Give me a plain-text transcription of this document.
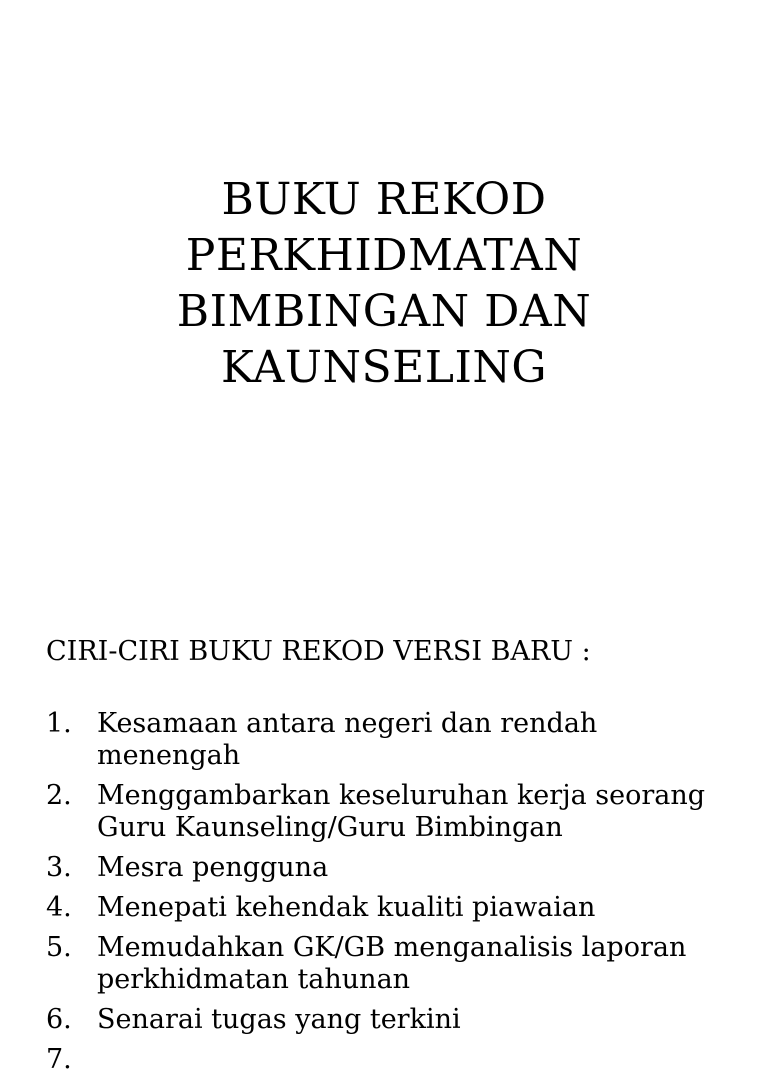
BUKU REKOD
PERKHIDMATAN
BIMBINGAN DAN
KAUNSELING
CIRI-CIRI BUKU REKOD VERSI BARU :
1. Kesamaan antara negeri dan rendah menengah
2. Menggambarkan keseluruhan kerja seorang
Guru Kaunseling/Guru Bimbingan
3. Mesra pengguna
4. Menepati kehendak kualiti piawaian
5. Memudahkan GK/GB menganalisis laporan
perkhidmatan tahunan
6. Senarai tugas yang terkini
7.
